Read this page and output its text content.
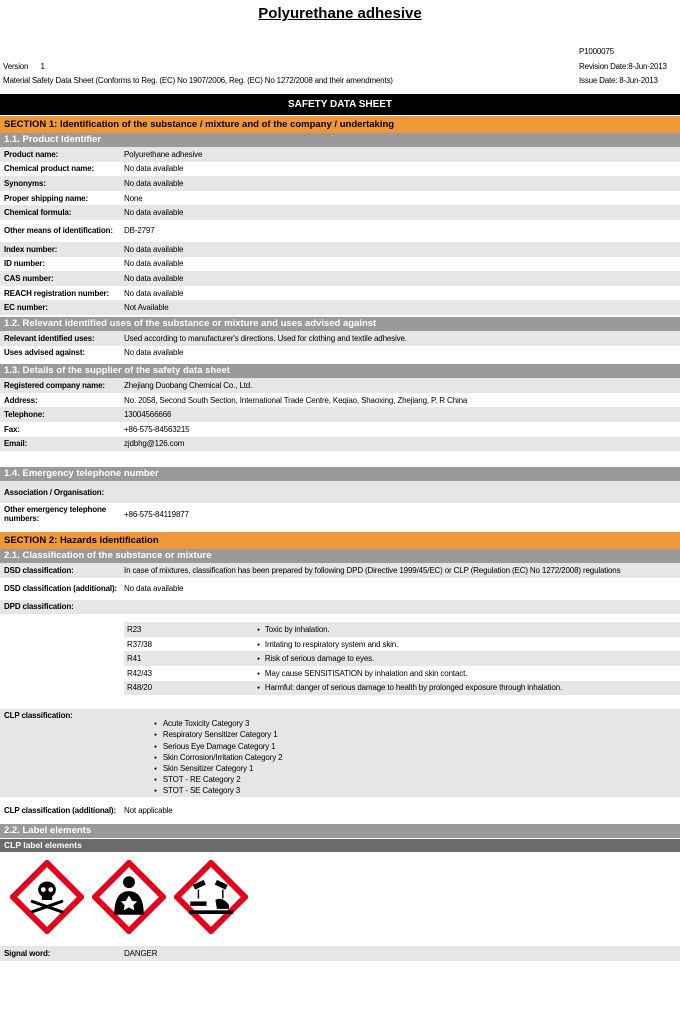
Polyurethane adhesive
P1000075
Version 1	Revision Date:8-Jun-2013
Material Safety Data Sheet (Conforms to Reg. (EC) No 1907/2006, Reg. (EC) No 1272/2008 and their amendments)	Issue Date: 8-Jun-2013
SAFETY DATA SHEET
SECTION 1: Identification of the substance / mixture and of the company / undertaking
1.1. Product Identifier
Product name:	Polyurethane adhesive
Chemical product name:	No data available
Synonyms:	No data available
Proper shipping name:	None
Chemical formula:	No data available
Other means of identification:	DB-2797
Index number:	No data available
ID number:	No data available
CAS number:	No data available
REACH registration number:	No data available
EC number:	Not Available
1.2. Relevant identified uses of the substance or mixture and uses advised against
Relevant identified uses:	Used according to manufacturer's directions. Used for clothing and textile adhesive.
Uses advised against:	No data available
1.3. Details of the supplier of the safety data sheet
Registered company name:	Zhejiang Duobang Chemical Co., Ltd.
Address:	No. 2058, Second South Section, International Trade Centre, Keqiao, Shaoxing, Zhejiang, P. R China
Telephone:	13004566666
Fax:	+86-575-84563215
Email:	zjdbhg@126.com
1.4. Emergency telephone number
Association / Organisation:
Other emergency telephone numbers:	+86-575-84119877
SECTION 2: Hazards identification
2.1. Classification of the substance or mixture
DSD classification:	In case of mixtures, classification has been prepared by following DPD (Directive 1999/45/EC) or CLP (Regulation (EC) No 1272/2008) regulations
DSD classification (additional): No data available
DPD classification:
R23	● Toxic by inhalation.
R37/38	● Irritating to respiratory system and skin.
R41	● Risk of serious damage to eyes.
R42/43	● May cause SENSITISATION by inhalation and skin contact.
R48/20	● Harmful: danger of serious damage to health by prolonged exposure through inhalation.
CLP classification:
● Acute Toxicity Category 3
● Respiratory Sensitizer Category 1
● Serious Eye Damage Category 1
● Skin Corrosion/Irritation Category 2
● Skin Sensitizer Category 1
● STOT - RE Category 2
● STOT - SE Category 3
CLP classification (additional):	Not applicable
2.2. Label elements
CLP label elements
Signal word:	DANGER
